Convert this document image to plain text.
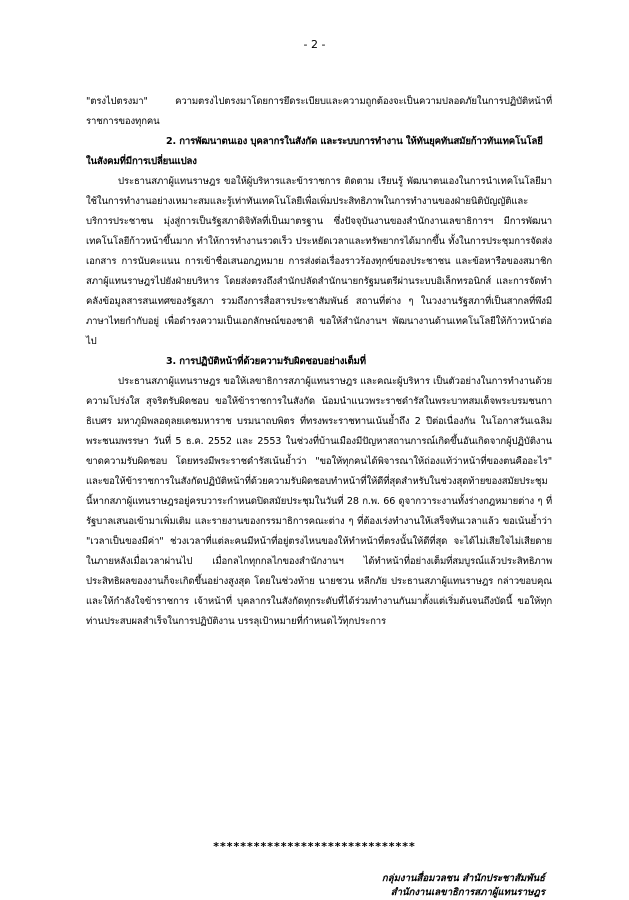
- 2 -

"ตรงไปตรงมา" ความตรงไปตรงมาโดยการยึดระเบียบและความถูกต้องจะเป็นความปลอดภัยในการปฏิบัติหน้าที่ราชการของทุกคน

2. การพัฒนาตนเอง บุคลากรในสังกัด และระบบการทำงาน ให้ทันยุคทันสมัยก้าวทันเทคโนโลยีในสังคมที่มีการเปลี่ยนแปลง

ประธานสภาผู้แทนราษฎร ขอให้ผู้บริหารและข้าราชการ ติดตาม เรียนรู้ พัฒนาตนเองในการนำเทคโนโลยีมาใช้ในการทำงานอย่างเหมาะสมและรู้เท่าทันเทคโนโลยีเพื่อเพิ่มประสิทธิภาพในการทำงานของฝ่ายนิติบัญญัติและบริการประชาชน มุ่งสู่การเป็นรัฐสภาดิจิทัลที่เป็นมาตรฐาน ซึ่งปัจจุบันงานของสำนักงานเลขาธิการฯ มีการพัฒนาเทคโนโลยีก้าวหน้าขึ้นมาก ทำให้การทำงานรวดเร็ว ประหยัดเวลาและทรัพยากรได้มากขึ้น ทั้งในการประชุมการจัดส่งเอกสาร การนับคะแนน การเข้าชื่อเสนอกฎหมาย การส่งต่อเรื่องราวร้องทุกข์ของประชาชน และข้อหารือของสมาชิกสภาผู้แทนราษฎรไปยังฝ่ายบริหาร โดยส่งตรงถึงสำนักปลัดสำนักนายกรัฐมนตรีผ่านระบบอิเล็กทรอนิกส์ และการจัดทำคลังข้อมูลสารสนเทศของรัฐสภา รวมถึงการสื่อสารประชาสัมพันธ์ สถานที่ต่าง ๆ ในวงงานรัฐสภาที่เป็นสากลที่พึงมีภาษาไทยกำกับอยู่ เพื่อดำรงความเป็นเอกลักษณ์ของชาติ ขอให้สำนักงานฯ พัฒนางานด้านเทคโนโลยีให้ก้าวหน้าต่อไป

3. การปฏิบัติหน้าที่ด้วยความรับผิดชอบอย่างเต็มที่

ประธานสภาผู้แทนราษฎร ขอให้เลขาธิการสภาผู้แทนราษฎร และคณะผู้บริหาร เป็นตัวอย่างในการทำงานด้วยความโปร่งใส สุจริตรับผิดชอบ ขอให้ข้าราชการในสังกัด น้อมนำแนวพระราชดำรัสในพระบาทสมเด็จพระบรมชนกาธิเบศร มหาภูมิพลอดุลยเดชมหาราช บรมนาถบพิตร ที่ทรงพระราชทานเน้นย้ำถึง 2 ปีต่อเนื่องกัน ในโอกาสวันเฉลิมพระชนมพรรษา วันที่ 5 ธ.ค. 2552 และ 2553 ในช่วงที่บ้านเมืองมีปัญหาสถานการณ์เกิดขึ้นอันเกิดจากผู้ปฏิบัติงานขาดความรับผิดชอบ โดยทรงมีพระราชดำรัสเน้นย้ำว่า "ขอให้ทุกคนได้พิจารณาให้ถ่องแท้ว่าหน้าที่ของตนคืออะไร" และขอให้ข้าราชการในสังกัดปฏิบัติหน้าที่ด้วยความรับผิดชอบทำหน้าที่ให้ดีที่สุดสำหรับในช่วงสุดท้ายของสมัยประชุมนี้หากสภาผู้แทนราษฎรอยู่ครบวาระกำหนดปิดสมัยประชุมในวันที่ 28 ก.พ. 66 ดูจากวาระงานทั้งร่างกฎหมายต่าง ๆ ที่รัฐบาลเสนอเข้ามาเพิ่มเติม และรายงานของกรรมาธิการคณะต่าง ๆ ที่ต้องเร่งทำงานให้เสร็จทันเวลาแล้ว ขอเน้นย้ำว่า "เวลาเป็นของมีค่า" ช่วงเวลาที่แต่ละคนมีหน้าที่อยู่ตรงไหนของให้ทำหน้าที่ตรงนั้นให้ดีที่สุด จะได้ไม่เสียใจไม่เสียดายในภายหลังเมื่อเวลาผ่านไป เมื่อกลไกทุกกลไกของสำนักงานฯ ได้ทำหน้าที่อย่างเต็มที่สมบูรณ์แล้วประสิทธิภาพประสิทธิผลของงานก็จะเกิดขึ้นอย่างสูงสุด โดยในช่วงท้าย นายชวน หลีกภัย ประธานสภาผู้แทนราษฎร กล่าวขอบคุณและให้กำลังใจข้าราชการ เจ้าหน้าที่ บุคลากรในสังกัดทุกระดับที่ได้ร่วมทำงานกันมาตั้งแต่เริ่มต้นจนถึงบัดนี้ ขอให้ทุกท่านประสบผลสำเร็จในการปฏิบัติงาน บรรลุเป้าหมายที่กำหนดไว้ทุกประการ

******************************
กลุ่มงานสื่อมวลชน สำนักประชาสัมพันธ์
สำนักงานเลขาธิการสภาผู้แทนราษฎร
